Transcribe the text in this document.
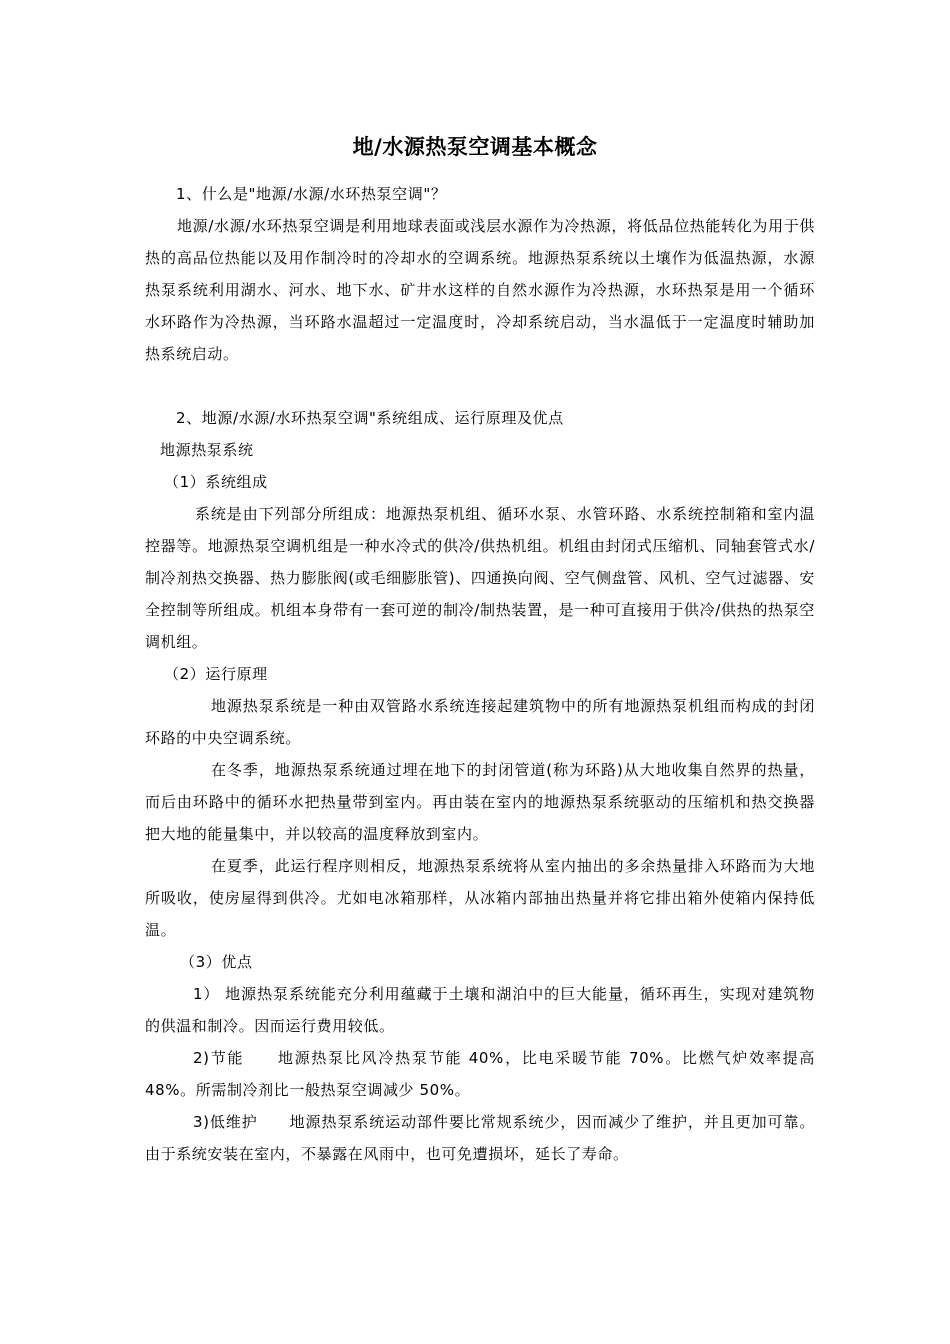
地/水源热泵空调基本概念

1、什么是"地源/水源/水环热泵空调"？

地源/水源/水环热泵空调是利用地球表面或浅层水源作为冷热源，将低品位热能转化为用于供热的高品位热能以及用作制冷时的冷却水的空调系统。地源热泵系统以土壤作为低温热源，水源热泵系统利用湖水、河水、地下水、矿井水这样的自然水源作为冷热源，水环热泵是用一个循环水环路作为冷热源，当环路水温超过一定温度时，冷却系统启动，当水温低于一定温度时辅助加热系统启动。

2、地源/水源/水环热泵空调"系统组成、运行原理及优点

地源热泵系统

（1）系统组成

系统是由下列部分所组成：地源热泵机组、循环水泵、水管环路、水系统控制箱和室内温控器等。地源热泵空调机组是一种水冷式的供冷/供热机组。机组由封闭式压缩机、同轴套管式水/制冷剂热交换器、热力膨胀阀(或毛细膨胀管)、四通换向阀、空气侧盘管、风机、空气过滤器、安全控制等所组成。机组本身带有一套可逆的制冷/制热装置，是一种可直接用于供冷/供热的热泵空调机组。

（2）运行原理

地源热泵系统是一种由双管路水系统连接起建筑物中的所有地源热泵机组而构成的封闭环路的中央空调系统。

在冬季，地源热泵系统通过埋在地下的封闭管道(称为环路)从大地收集自然界的热量，而后由环路中的循环水把热量带到室内。再由装在室内的地源热泵系统驱动的压缩机和热交换器把大地的能量集中，并以较高的温度释放到室内。

在夏季，此运行程序则相反，地源热泵系统将从室内抽出的多余热量排入环路而为大地所吸收，使房屋得到供冷。尤如电冰箱那样，从冰箱内部抽出热量并将它排出箱外使箱内保持低温。

（3）优点

1） 地源热泵系统能充分利用蕴藏于土壤和湖泊中的巨大能量，循环再生，实现对建筑物的供温和制冷。因而运行费用较低。

2)节能　　地源热泵比风冷热泵节能 40%，比电采暖节能 70%。比燃气炉效率提高48%。所需制冷剂比一般热泵空调减少 50%。

3)低维护　　地源热泵系统运动部件要比常规系统少，因而减少了维护，并且更加可靠。由于系统安装在室内，不暴露在风雨中，也可免遭损坏，延长了寿命。
